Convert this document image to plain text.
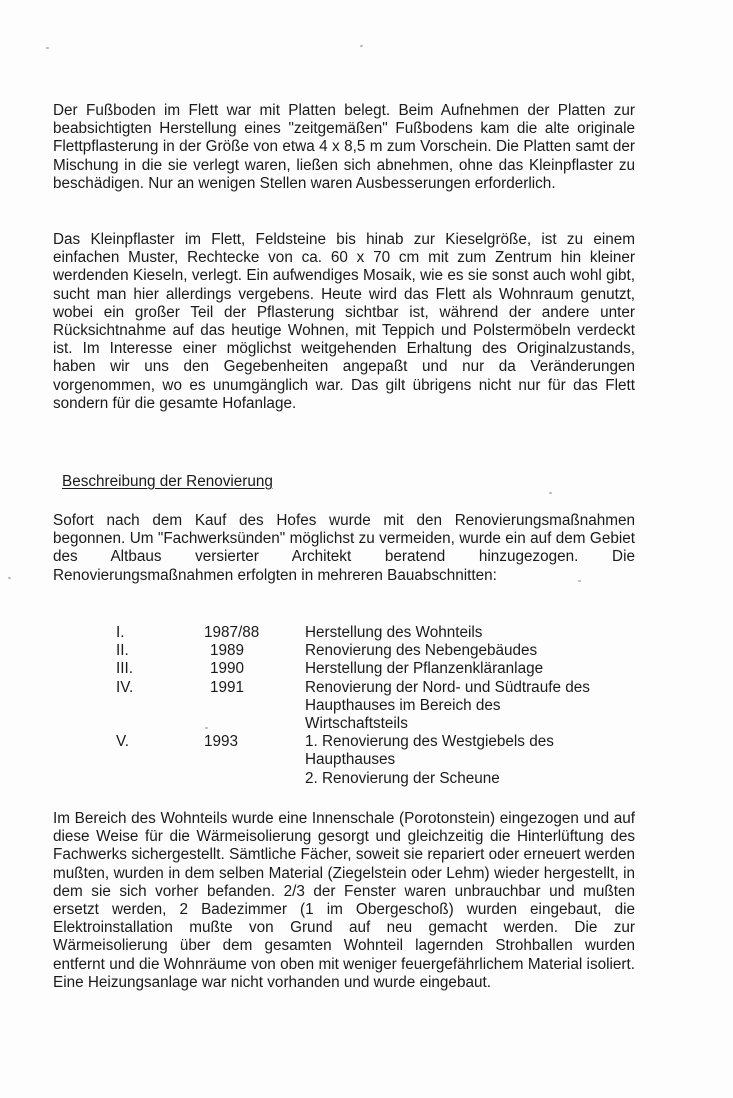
Der Fußboden im Flett war mit Platten belegt. Beim Aufnehmen der Platten zur beabsichtigten Herstellung eines "zeitgemäßen" Fußbodens kam die alte originale Flettpflasterung in der Größe von etwa 4 x 8,5 m zum Vorschein. Die Platten samt der Mischung in die sie verlegt waren, ließen sich abnehmen, ohne das Kleinpflaster zu beschädigen. Nur an wenigen Stellen waren Ausbesserungen erforderlich.

Das Kleinpflaster im Flett, Feldsteine bis hinab zur Kieselgröße, ist zu einem einfachen Muster, Rechtecke von ca. 60 x 70 cm mit zum Zentrum hin kleiner werdenden Kieseln, verlegt. Ein aufwendiges Mosaik, wie es sie sonst auch wohl gibt, sucht man hier allerdings vergebens. Heute wird das Flett als Wohnraum genutzt, wobei ein großer Teil der Pflasterung sichtbar ist, während der andere unter Rücksichtnahme auf das heutige Wohnen, mit Teppich und Polstermöbeln verdeckt ist. Im Interesse einer möglichst weitgehenden Erhaltung des Originalzustands, haben wir uns den Gegebenheiten angepaßt und nur da Veränderungen vorgenommen, wo es unumgänglich war. Das gilt übrigens nicht nur für das Flett sondern für die gesamte Hofanlage.

Beschreibung der Renovierung

Sofort nach dem Kauf des Hofes wurde mit den Renovierungsmaßnahmen begonnen. Um "Fachwerksünden" möglichst zu vermeiden, wurde ein auf dem Gebiet des Altbaus versierter Architekt beratend hinzugezogen. Die Renovierungsmaßnahmen erfolgten in mehreren Bauabschnitten:

I.	1987/88	Herstellung des Wohnteils
II.	1989	Renovierung des Nebengebäudes
III.	1990	Herstellung der Pflanzenkläranlage
IV.	1991	Renovierung der Nord- und Südtraufe des
Haupthauses im Bereich des
Wirtschaftsteils
V.	1993	1. Renovierung des Westgiebels des
Haupthauses
2. Renovierung der Scheune

Im Bereich des Wohnteils wurde eine Innenschale (Porotonstein) eingezogen und auf diese Weise für die Wärmeisolierung gesorgt und gleichzeitig die Hinterlüftung des Fachwerks sichergestellt. Sämtliche Fächer, soweit sie repariert oder erneuert werden mußten, wurden in dem selben Material (Ziegelstein oder Lehm) wieder hergestellt, in dem sie sich vorher befanden. 2/3 der Fenster waren unbrauchbar und mußten ersetzt werden, 2 Badezimmer (1 im Obergeschoß) wurden eingebaut, die Elektroinstallation mußte von Grund auf neu gemacht werden. Die zur Wärmeisolierung über dem gesamten Wohnteil lagernden Strohballen wurden entfernt und die Wohnräume von oben mit weniger feuergefährlichem Material isoliert. Eine Heizungsanlage war nicht vorhanden und wurde eingebaut.
